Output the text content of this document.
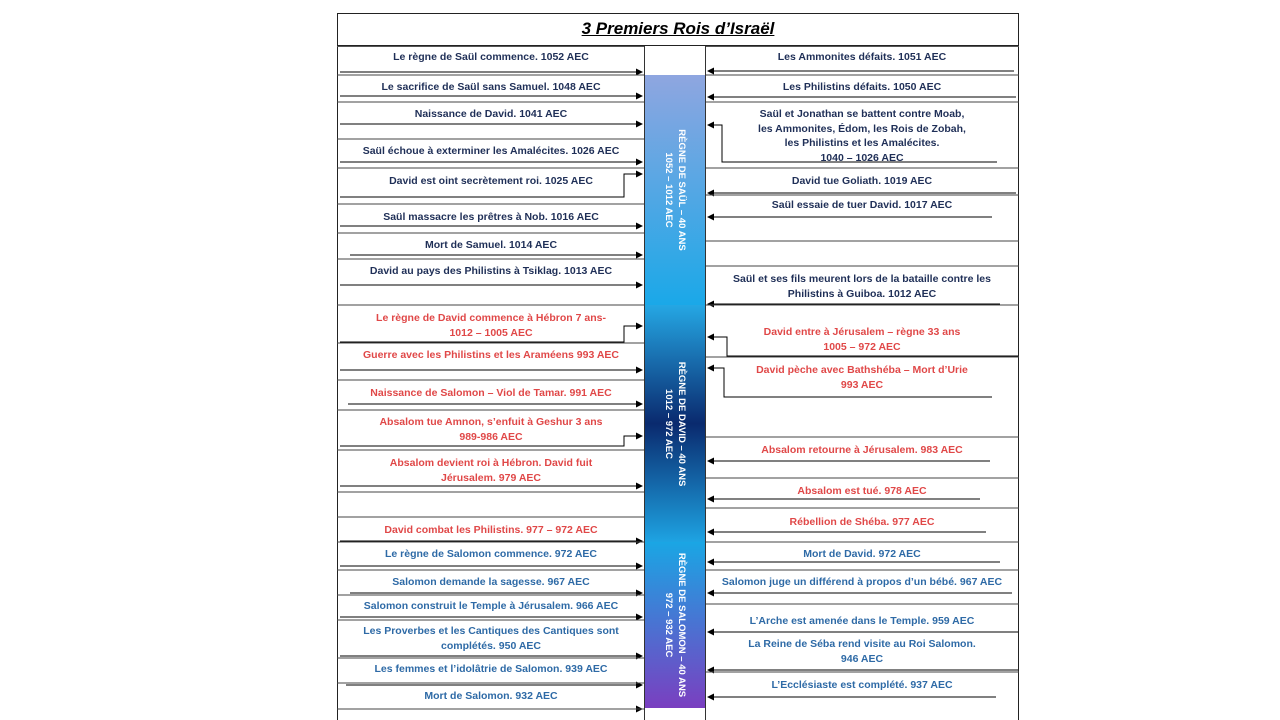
3 Premiers Rois d’Israël
RÈGNE DE SAÜL – 40 ANS
1052 – 1012 AEC
RÈGNE DE DAVID – 40 ANS
1012 – 972 AEC
RÈGNE DE SALOMON – 40 ANS
972 – 932 AEC
Le règne de Saül commence. 1052 AEC
Le sacrifice de Saül sans Samuel. 1048 AEC
Naissance de David. 1041 AEC
Saül échoue à exterminer les Amalécites. 1026 AEC
David est oint secrètement roi. 1025 AEC
Saül massacre les prêtres à Nob. 1016 AEC
Mort de Samuel. 1014 AEC
David au pays des Philistins à Tsiklag. 1013 AEC
Le règne de David commence à Hébron 7 ans-
1012 – 1005 AEC
Guerre avec les Philistins et les Araméens 993 AEC
Naissance de Salomon – Viol de Tamar. 991 AEC
Absalom tue Amnon, s’enfuit à Geshur 3 ans
989-986 AEC
Absalom devient roi à Hébron. David fuit
Jérusalem. 979 AEC
David combat les Philistins. 977 – 972 AEC
Le règne de Salomon commence. 972 AEC
Salomon demande la sagesse. 967 AEC
Salomon construit le Temple à Jérusalem. 966 AEC
Les Proverbes et les Cantiques des Cantiques sont
complétés. 950 AEC
Les femmes et l’idolâtrie de Salomon. 939 AEC
Mort de Salomon. 932 AEC
Les Ammonites défaits. 1051 AEC
Les Philistins défaits. 1050 AEC
Saül et Jonathan se battent contre Moab,
les Ammonites, Édom, les Rois de Zobah,
les Philistins et les Amalécites.
1040 – 1026 AEC
David tue Goliath. 1019 AEC
Saül essaie de tuer David. 1017 AEC
Saül et ses fils meurent lors de la bataille contre les
Philistins à Guiboa. 1012 AEC
David entre à Jérusalem – règne 33 ans
1005 – 972 AEC
David pèche avec Bathshéba – Mort d’Urie
993 AEC
Absalom retourne à Jérusalem. 983 AEC
Absalom est tué. 978 AEC
Rébellion de Shéba. 977 AEC
Mort de David. 972 AEC
Salomon juge un différend à propos d’un bébé. 967 AEC
L’Arche est amenée dans le Temple. 959 AEC
La Reine de Séba rend visite au Roi Salomon.
946 AEC
L’Ecclésiaste est complété. 937 AEC
